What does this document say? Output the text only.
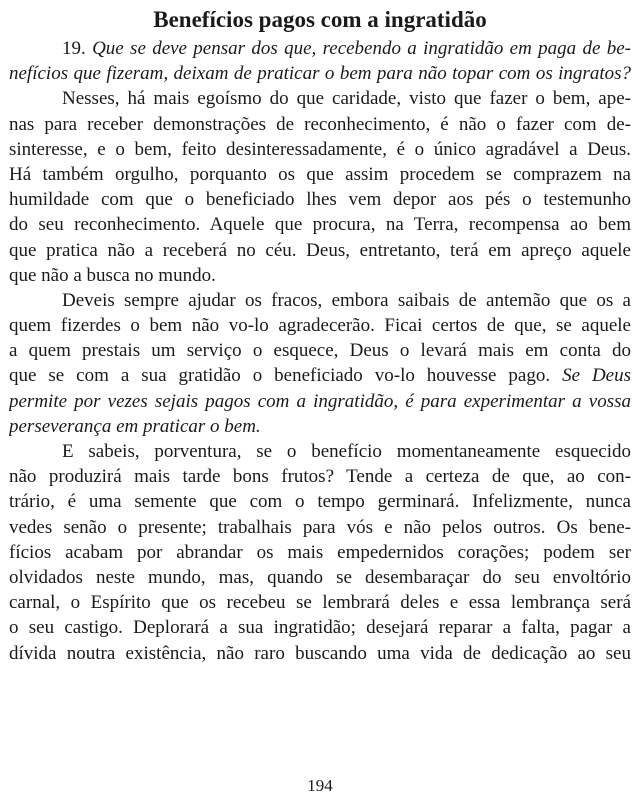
Benefícios pagos com a ingratidão
19. Que se deve pensar dos que, recebendo a ingratidão em paga de be-
nefícios que fizeram, deixam de praticar o bem para não topar com os ingratos?
Nesses, há mais egoísmo do que caridade, visto que fazer o bem, ape-
nas para receber demonstrações de reconhecimento, é não o fazer com de-
sinteresse, e o bem, feito desinteressadamente, é o único agradável a Deus.
Há também orgulho, porquanto os que assim procedem se comprazem na
humildade com que o beneficiado lhes vem depor aos pés o testemunho
do seu reconhecimento. Aquele que procura, na Terra, recompensa ao bem
que pratica não a receberá no céu. Deus, entretanto, terá em apreço aquele
que não a busca no mundo.
Deveis sempre ajudar os fracos, embora saibais de antemão que os a
quem fizerdes o bem não vo-lo agradecerão. Ficai certos de que, se aquele
a quem prestais um serviço o esquece, Deus o levará mais em conta do
que se com a sua gratidão o beneficiado vo-lo houvesse pago. Se Deus
permite por vezes sejais pagos com a ingratidão, é para experimentar a vossa
perseverança em praticar o bem.
E sabeis, porventura, se o benefício momentaneamente esquecido
não produzirá mais tarde bons frutos? Tende a certeza de que, ao con-
trário, é uma semente que com o tempo germinará. Infelizmente, nunca
vedes senão o presente; trabalhais para vós e não pelos outros. Os bene-
fícios acabam por abrandar os mais empedernidos corações; podem ser
olvidados neste mundo, mas, quando se desembaraçar do seu envoltório
carnal, o Espírito que os recebeu se lembrará deles e essa lembrança será
o seu castigo. Deplorará a sua ingratidão; desejará reparar a falta, pagar a
dívida noutra existência, não raro buscando uma vida de dedicação ao seu
194
